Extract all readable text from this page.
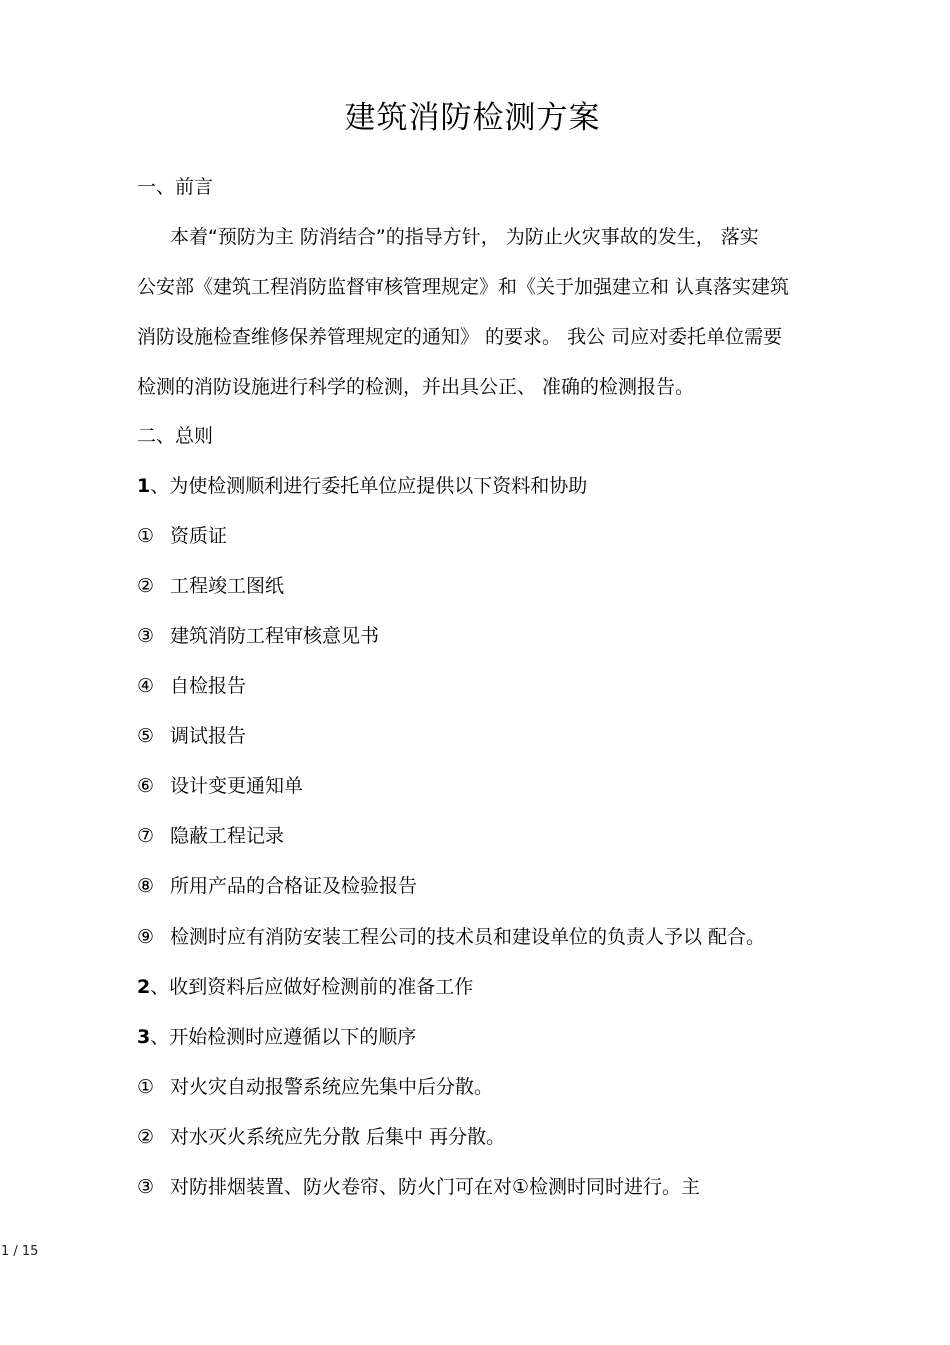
建筑消防检测方案
一、前言
本着“预防为主 防消结合”的指导方针， 为防止火灾事故的发生， 落实
公安部《建筑工程消防监督审核管理规定》和《关于加强建立和 认真落实建筑
消防设施检查维修保养管理规定的通知》 的要求。 我公 司应对委托单位需要
检测的消防设施进行科学的检测，并出具公正、 准确的检测报告。
二、总则
1、为使检测顺利进行委托单位应提供以下资料和协助
① 资质证
② 工程竣工图纸
③ 建筑消防工程审核意见书
④ 自检报告
⑤ 调试报告
⑥ 设计变更通知单
⑦ 隐蔽工程记录
⑧ 所用产品的合格证及检验报告
⑨ 检测时应有消防安装工程公司的技术员和建设单位的负责人予以 配合。
2、收到资料后应做好检测前的准备工作
3、开始检测时应遵循以下的顺序
① 对火灾自动报警系统应先集中后分散。
② 对水灭火系统应先分散 后集中 再分散。
③ 对防排烟装置、防火卷帘、防火门可在对①检测时同时进行。主
1 / 15
